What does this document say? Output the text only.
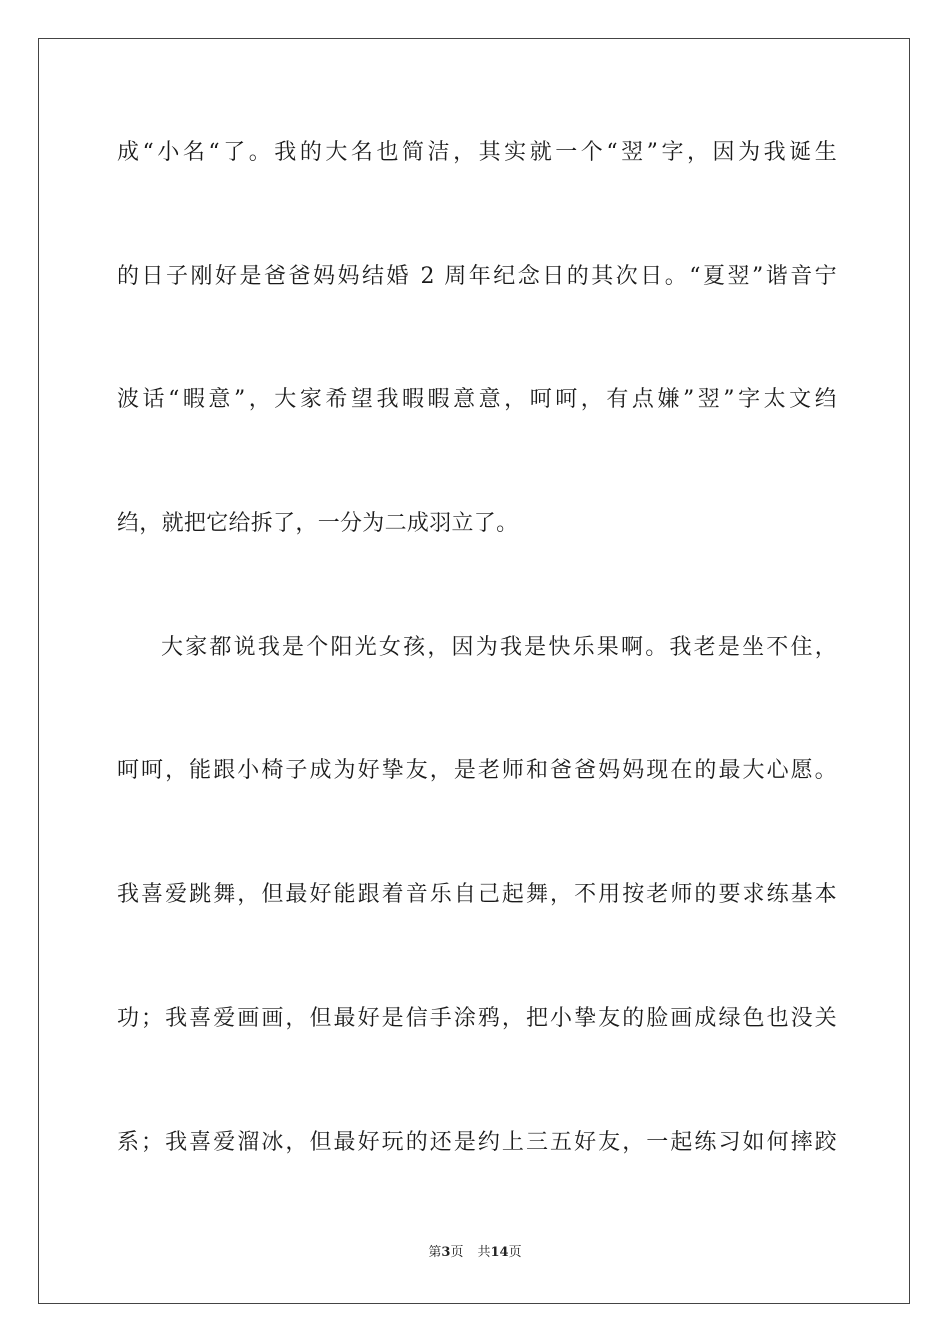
成“小名“了。我的大名也简洁，其实就一个“翌”字，因为我诞生
的日子刚好是爸爸妈妈结婚 2 周年纪念日的其次日。“夏翌”谐音宁
波话“暇意”，大家希望我暇暇意意，呵呵，有点嫌”翌”字太文绉
绉，就把它给拆了，一分为二成羽立了。
大家都说我是个阳光女孩，因为我是快乐果啊。我老是坐不住，
呵呵，能跟小椅子成为好挚友，是老师和爸爸妈妈现在的最大心愿。
我喜爱跳舞，但最好能跟着音乐自己起舞，不用按老师的要求练基本
功；我喜爱画画，但最好是信手涂鸦，把小挚友的脸画成绿色也没关
系；我喜爱溜冰，但最好玩的还是约上三五好友，一起练习如何摔跤
第3页 共14页
